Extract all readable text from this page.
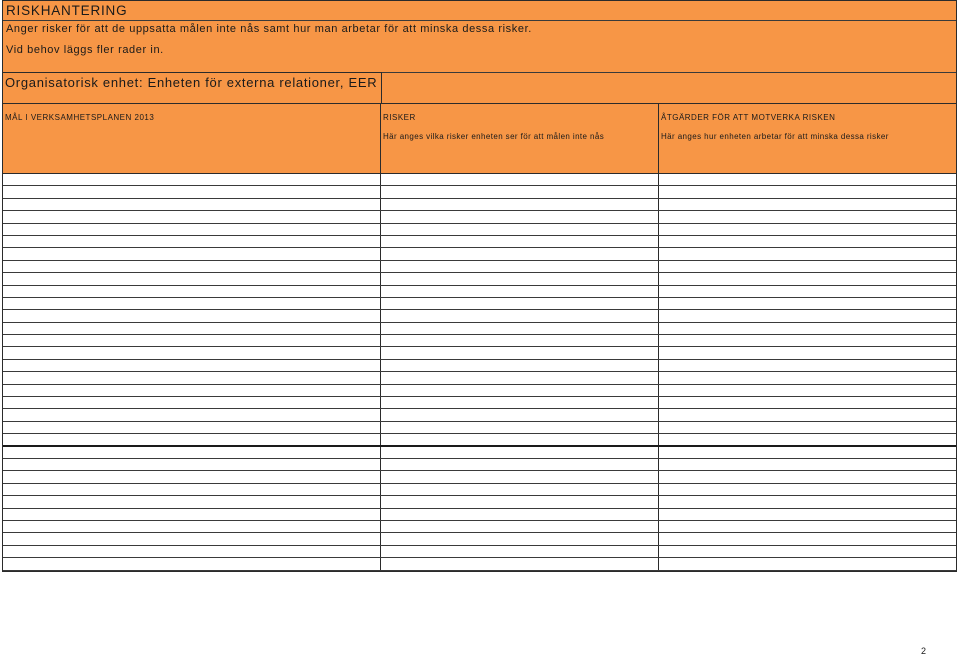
RISKHANTERING
Anger risker för att de uppsatta målen inte nås samt hur man arbetar för att minska dessa risker.
Vid behov läggs fler rader in.
Organisatorisk enhet: Enheten för externa relationer, EER
MÅL I VERKSAMHETSPLANEN 2013	RISKER
Här anges vilka risker enheten ser för att målen inte nås
ÅTGÄRDER FÖR ATT MOTVERKA RISKEN
Här anges hur enheten arbetar för att minska dessa risker
2
